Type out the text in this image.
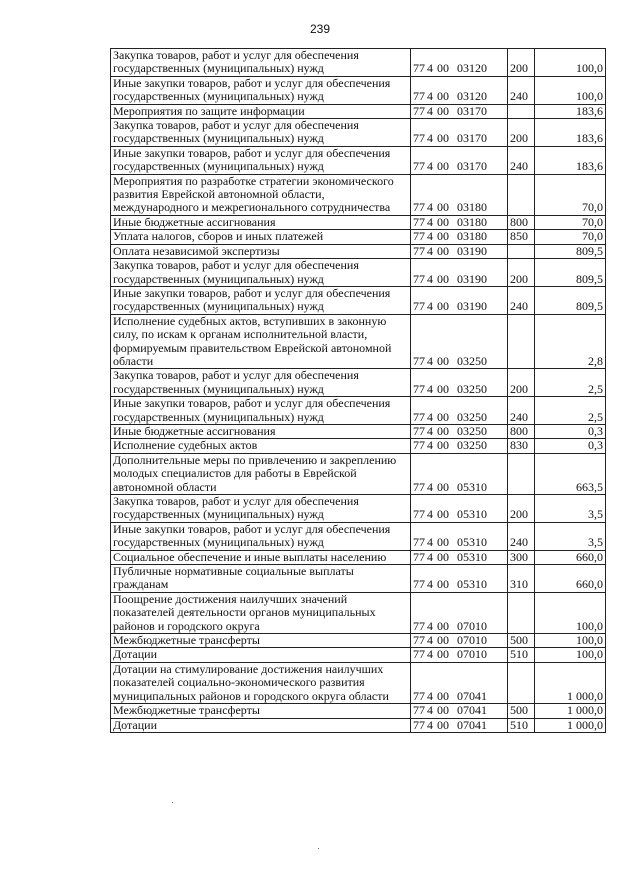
239
Закупка товаров, работ и услуг для обеспечения государственных (муниципальных) нужд	77 4 00 03120	200	100,0
Иные закупки товаров, работ и услуг для обеспечения государственных (муниципальных) нужд	77 4 00 03120	240	100,0
Мероприятия по защите информации	77 4 00 03170		183,6
Закупка товаров, работ и услуг для обеспечения государственных (муниципальных) нужд	77 4 00 03170	200	183,6
Иные закупки товаров, работ и услуг для обеспечения государственных (муниципальных) нужд	77 4 00 03170	240	183,6
Мероприятия по разработке стратегии экономического развития Еврейской автономной области, международного и межрегионального сотрудничества	77 4 00 03180		70,0
Иные бюджетные ассигнования	77 4 00 03180	800	70,0
Уплата налогов, сборов и иных платежей	77 4 00 03180	850	70,0
Оплата независимой экспертизы	77 4 00 03190		809,5
Закупка товаров, работ и услуг для обеспечения государственных (муниципальных) нужд	77 4 00 03190	200	809,5
Иные закупки товаров, работ и услуг для обеспечения государственных (муниципальных) нужд	77 4 00 03190	240	809,5
Исполнение судебных актов, вступивших в законную силу, по искам к органам исполнительной власти, формируемым правительством Еврейской автономной области	77 4 00 03250		2,8
Закупка товаров, работ и услуг для обеспечения государственных (муниципальных) нужд	77 4 00 03250	200	2,5
Иные закупки товаров, работ и услуг для обеспечения государственных (муниципальных) нужд	77 4 00 03250	240	2,5
Иные бюджетные ассигнования	77 4 00 03250	800	0,3
Исполнение судебных актов	77 4 00 03250	830	0,3
Дополнительные меры по привлечению и закреплению молодых специалистов для работы в Еврейской автономной области	77 4 00 05310		663,5
Закупка товаров, работ и услуг для обеспечения государственных (муниципальных) нужд	77 4 00 05310	200	3,5
Иные закупки товаров, работ и услуг для обеспечения государственных (муниципальных) нужд	77 4 00 05310	240	3,5
Социальное обеспечение и иные выплаты населению	77 4 00 05310	300	660,0
Публичные нормативные социальные выплаты гражданам	77 4 00 05310	310	660,0
Поощрение достижения наилучших значений показателей деятельности органов муниципальных районов и городского округа	77 4 00 07010		100,0
Межбюджетные трансферты	77 4 00 07010	500	100,0
Дотации	77 4 00 07010	510	100,0
Дотации на стимулирование достижения наилучших показателей социально-экономического развития муниципальных районов и городского округа области	77 4 00 07041		1 000,0
Межбюджетные трансферты	77 4 00 07041	500	1 000,0
Дотации	77 4 00 07041	510	1 000,0
